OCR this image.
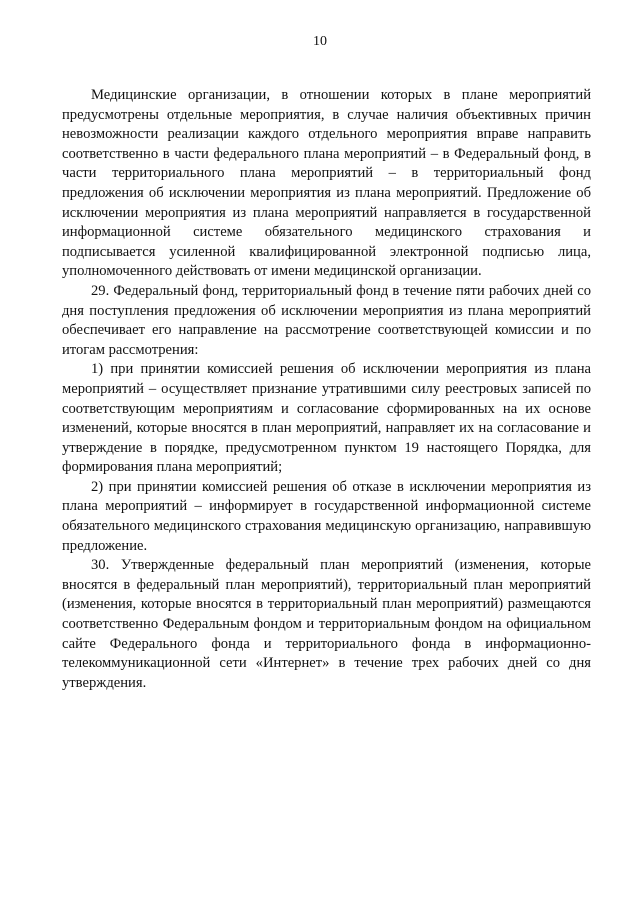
10

Медицинские организации, в отношении которых в плане мероприятий предусмотрены отдельные мероприятия, в случае наличия объективных причин невозможности реализации каждого отдельного мероприятия вправе направить соответственно в части федерального плана мероприятий – в Федеральный фонд, в части территориального плана мероприятий – в территориальный фонд предложения об исключении мероприятия из плана мероприятий. Предложение об исключении мероприятия из плана мероприятий направляется в государственной информационной системе обязательного медицинского страхования и подписывается усиленной квалифицированной электронной подписью лица, уполномоченного действовать от имени медицинской организации.

29. Федеральный фонд, территориальный фонд в течение пяти рабочих дней со дня поступления предложения об исключении мероприятия из плана мероприятий обеспечивает его направление на рассмотрение соответствующей комиссии и по итогам рассмотрения:

1) при принятии комиссией решения об исключении мероприятия из плана мероприятий – осуществляет признание утратившими силу реестровых записей по соответствующим мероприятиям и согласование сформированных на их основе изменений, которые вносятся в план мероприятий, направляет их на согласование и утверждение в порядке, предусмотренном пунктом 19 настоящего Порядка, для формирования плана мероприятий;

2) при принятии комиссией решения об отказе в исключении мероприятия из плана мероприятий – информирует в государственной информационной системе обязательного медицинского страхования медицинскую организацию, направившую предложение.

30. Утвержденные федеральный план мероприятий (изменения, которые вносятся в федеральный план мероприятий), территориальный план мероприятий (изменения, которые вносятся в территориальный план мероприятий) размещаются соответственно Федеральным фондом и территориальным фондом на официальном сайте Федерального фонда и территориального фонда в информационно-телекоммуникационной сети «Интернет» в течение трех рабочих дней со дня утверждения.
